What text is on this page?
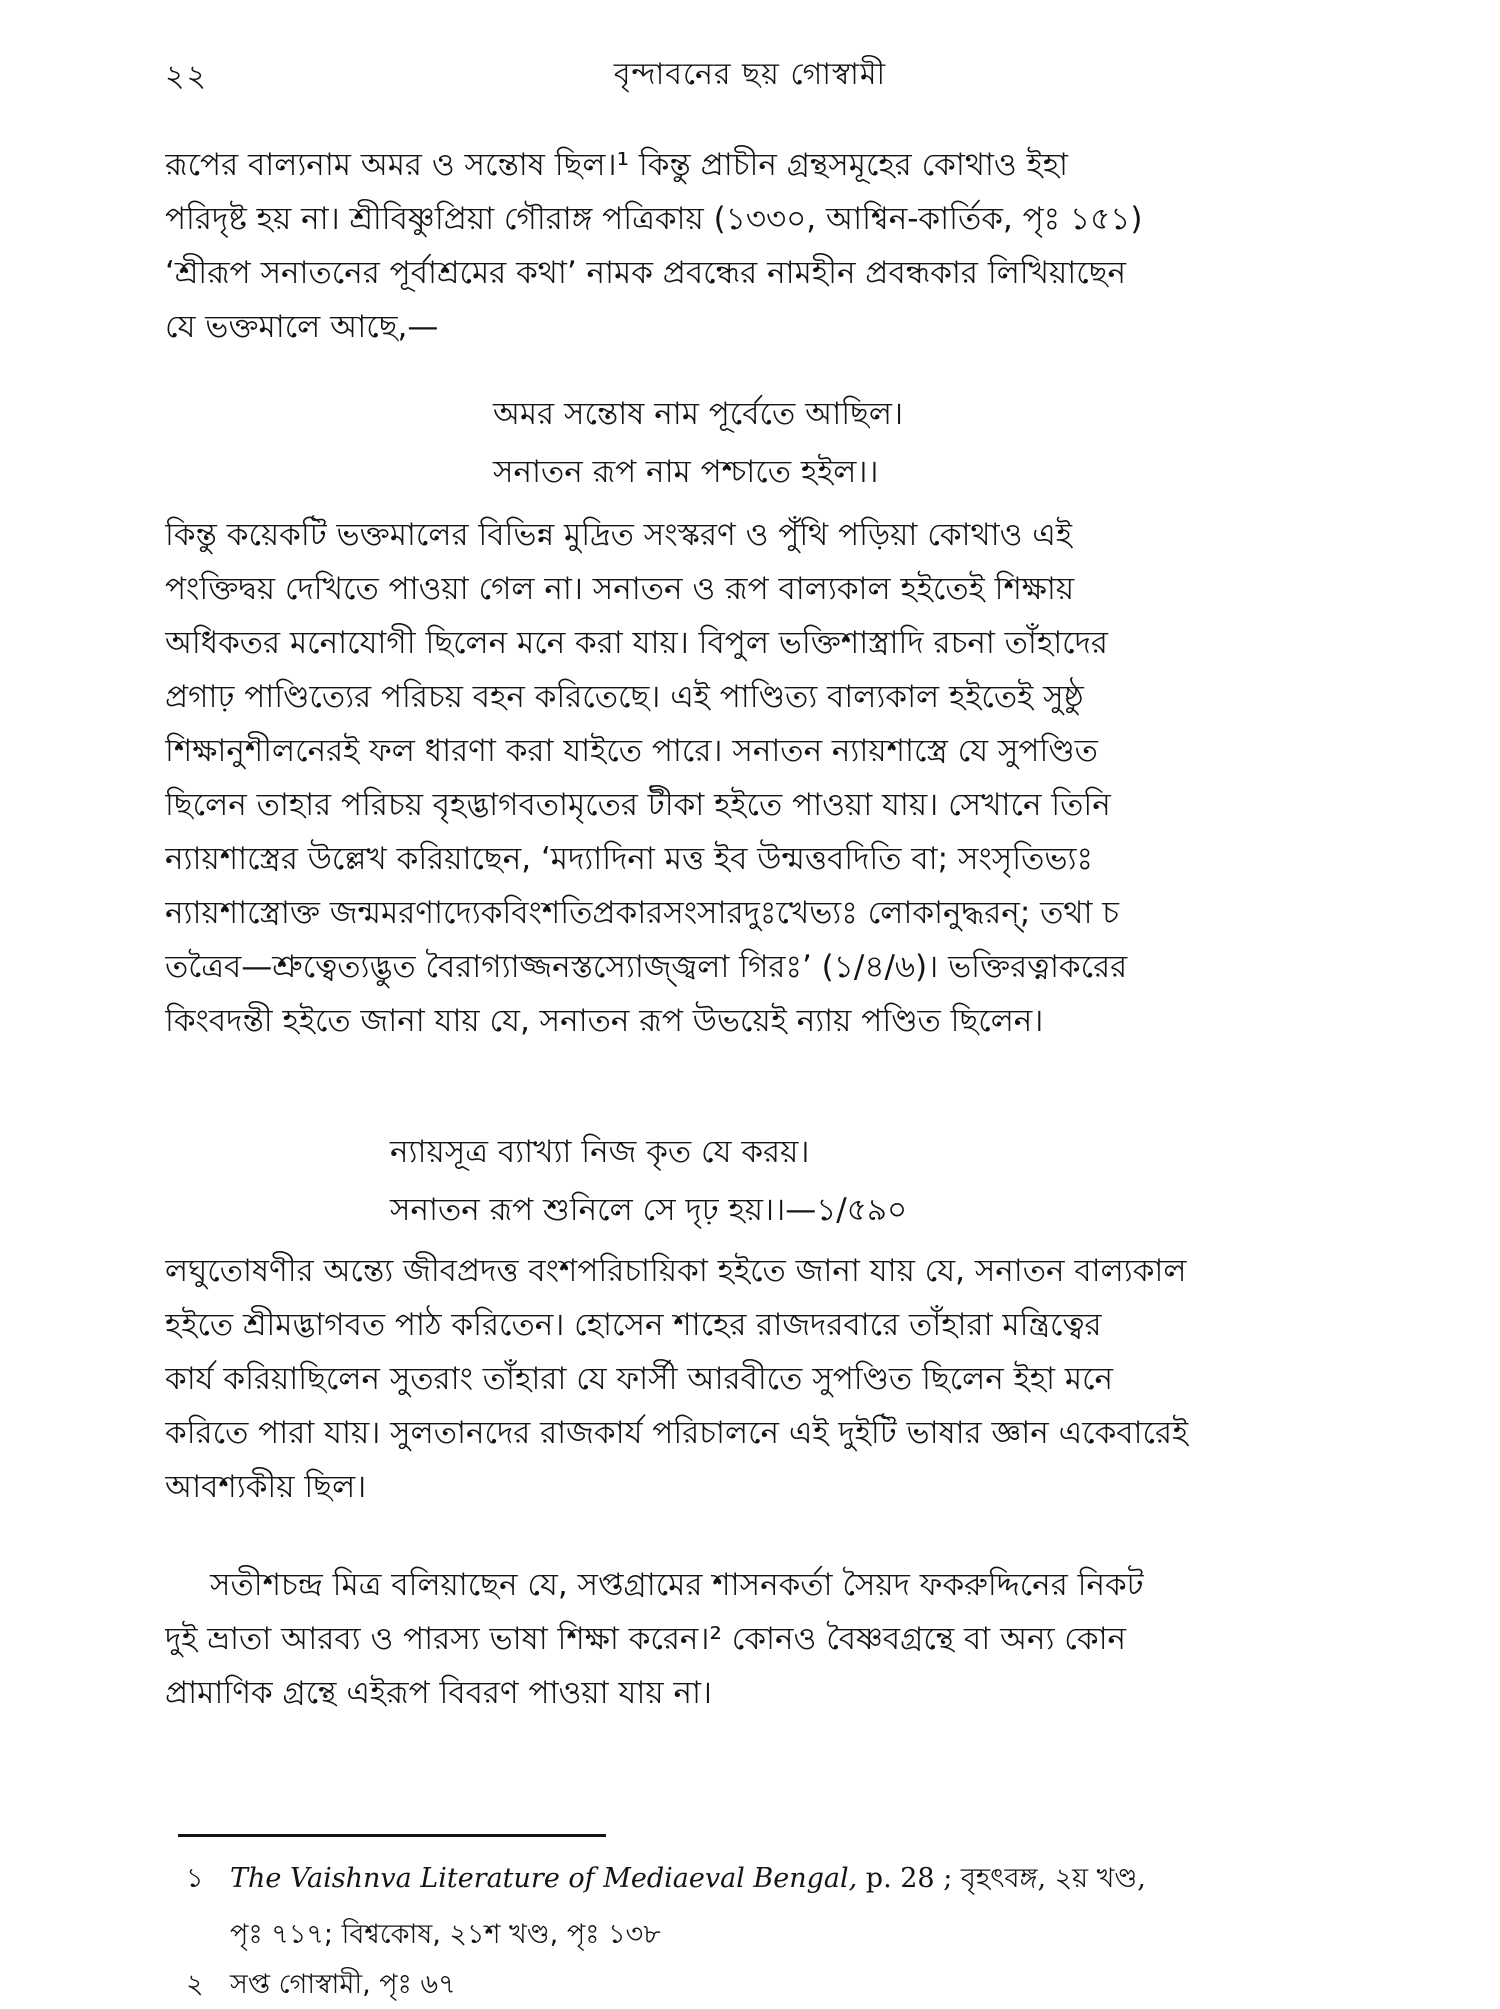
২২	বৃন্দাবনের ছয় গোস্বামী
রূপের বাল্যনাম অমর ও সন্তোষ ছিল।¹ কিন্তু প্রাচীন গ্রন্থসমূহের কোথাও ইহা
পরিদৃষ্ট হয় না। শ্রীবিষ্ণুপ্রিয়া গৌরাঙ্গ পত্রিকায় (১৩৩০, আশ্বিন-কার্তিক, পৃঃ ১৫১)
‘শ্রীরূপ সনাতনের পূর্বাশ্রমের কথা’ নামক প্রবন্ধের নামহীন প্রবন্ধকার লিখিয়াছেন
যে ভক্তমালে আছে,—
অমর সন্তোষ নাম পূর্বেতে আছিল।
সনাতন রূপ নাম পশ্চাতে হইল।।
কিন্তু কয়েকটি ভক্তমালের বিভিন্ন মুদ্রিত সংস্করণ ও পুঁথি পড়িয়া কোথাও এই
পংক্তিদ্বয় দেখিতে পাওয়া গেল না। সনাতন ও রূপ বাল্যকাল হইতেই শিক্ষায়
অধিকতর মনোযোগী ছিলেন মনে করা যায়। বিপুল ভক্তিশাস্ত্রাদি রচনা তাঁহাদের
প্রগাঢ় পাণ্ডিত্যের পরিচয় বহন করিতেছে। এই পাণ্ডিত্য বাল্যকাল হইতেই সুষ্ঠু
শিক্ষানুশীলনেরই ফল ধারণা করা যাইতে পারে। সনাতন ন্যায়শাস্ত্রে যে সুপণ্ডিত
ছিলেন তাহার পরিচয় বৃহদ্ভাগবতামৃতের টীকা হইতে পাওয়া যায়। সেখানে তিনি
ন্যায়শাস্ত্রের উল্লেখ করিয়াছেন, ‘মদ্যাদিনা মত্ত ইব উন্মত্তবদিতি বা; সংসৃতিভ্যঃ
ন্যায়শাস্ত্রোক্ত জন্মমরণাদ্যেকবিংশতিপ্রকারসংসারদুঃখেভ্যঃ লোকানুদ্ধরন্; তথা চ
তত্রৈব—শ্রুত্বেত্যদ্ভুত বৈরাগ্যাজ্জনস্তস্যোজ্জ্বলা গিরঃ’ (১/৪/৬)। ভক্তিরত্নাকরের
কিংবদন্তী হইতে জানা যায় যে, সনাতন রূপ উভয়েই ন্যায় পণ্ডিত ছিলেন।
ন্যায়সূত্র ব্যাখ্যা নিজ কৃত যে করয়।
সনাতন রূপ শুনিলে সে দৃঢ় হয়।।—১/৫৯০
লঘুতোষণীর অন্ত্যে জীবপ্রদত্ত বংশপরিচায়িকা হইতে জানা যায় যে, সনাতন বাল্যকাল
হইতে শ্রীমদ্ভাগবত পাঠ করিতেন। হোসেন শাহের রাজদরবারে তাঁহারা মন্ত্রিত্বের
কার্য করিয়াছিলেন সুতরাং তাঁহারা যে ফার্সী আরবীতে সুপণ্ডিত ছিলেন ইহা মনে
করিতে পারা যায়। সুলতানদের রাজকার্য পরিচালনে এই দুইটি ভাষার জ্ঞান একেবারেই
আবশ্যকীয় ছিল।
সতীশচন্দ্র মিত্র বলিয়াছেন যে, সপ্তগ্রামের শাসনকর্তা সৈয়দ ফকরুদ্দিনের নিকট
দুই ভ্রাতা আরব্য ও পারস্য ভাষা শিক্ষা করেন।² কোনও বৈষ্ণবগ্রন্থে বা অন্য কোন
প্রামাণিক গ্রন্থে এইরূপ বিবরণ পাওয়া যায় না।
১ The Vaishnva Literature of Mediaeval Bengal, p. 28 ; বৃহৎবঙ্গ, ২য় খণ্ড,
পৃঃ ৭১৭; বিশ্বকোষ, ২১শ খণ্ড, পৃঃ ১৩৮
২ সপ্ত গোস্বামী, পৃঃ ৬৭
